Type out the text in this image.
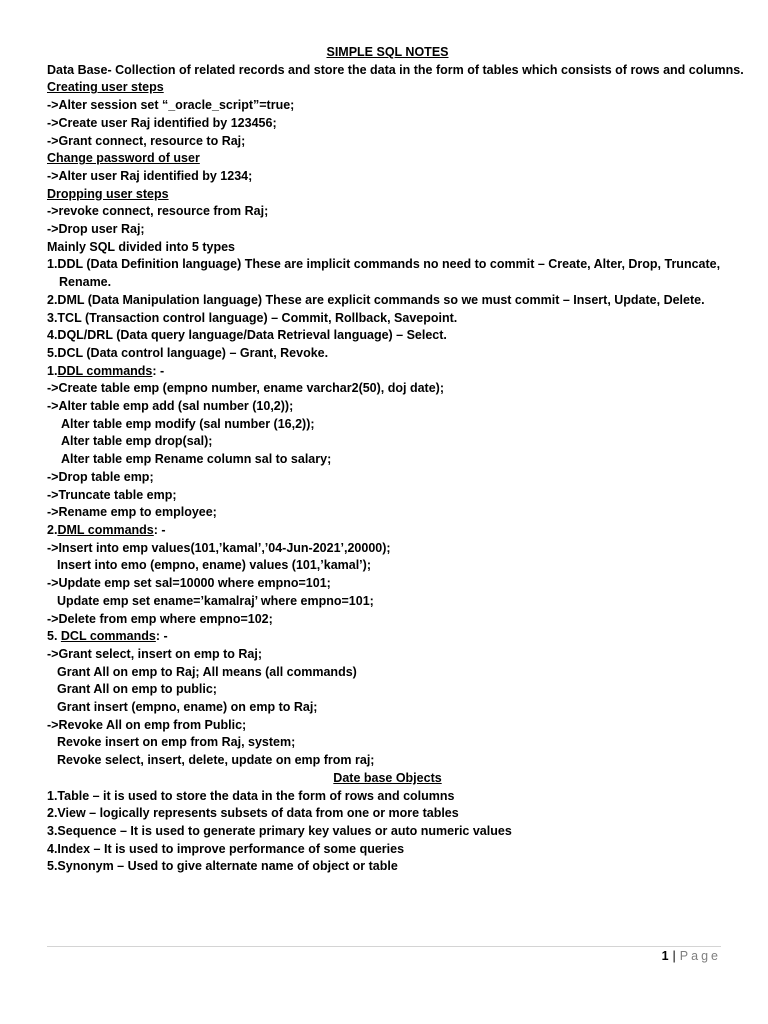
SIMPLE SQL NOTES
Data Base- Collection of related records and store the data in the form of tables which consists of rows and columns.
Creating user steps
->Alter session set “_oracle_script”=true;
->Create user Raj identified by 123456;
->Grant connect, resource to Raj;
Change password of user
->Alter user Raj identified by 1234;
Dropping user steps
->revoke connect, resource from Raj;
->Drop user Raj;
Mainly SQL divided into 5 types
1.DDL (Data Definition language) These are implicit commands no need to commit – Create, Alter, Drop, Truncate,
Rename.
2.DML (Data Manipulation language) These are explicit commands so we must commit – Insert, Update, Delete.
3.TCL (Transaction control language) – Commit, Rollback, Savepoint.
4.DQL/DRL (Data query language/Data Retrieval language) – Select.
5.DCL (Data control language) – Grant, Revoke.
1.DDL commands: -
->Create table emp (empno number, ename varchar2(50), doj date);
->Alter table emp add (sal number (10,2));
Alter table emp modify (sal number (16,2));
Alter table emp drop(sal);
Alter table emp Rename column sal to salary;
->Drop table emp;
->Truncate table emp;
->Rename emp to employee;
2.DML commands: -
->Insert into emp values(101,’kamal’,’04-Jun-2021’,20000);
Insert into emo (empno, ename) values (101,’kamal’);
->Update emp set sal=10000 where empno=101;
Update emp set ename=’kamalraj’ where empno=101;
->Delete from emp where empno=102;
5. DCL commands: -
->Grant select, insert on emp to Raj;
Grant All on emp to Raj; All means (all commands)
Grant All on emp to public;
Grant insert (empno, ename) on emp to Raj;
->Revoke All on emp from Public;
Revoke insert on emp from Raj, system;
Revoke select, insert, delete, update on emp from raj;
Date base Objects
1.Table – it is used to store the data in the form of rows and columns
2.View – logically represents subsets of data from one or more tables
3.Sequence – It is used to generate primary key values or auto numeric values
4.Index – It is used to improve performance of some queries
5.Synonym – Used to give alternate name of object or table
1 | Page
